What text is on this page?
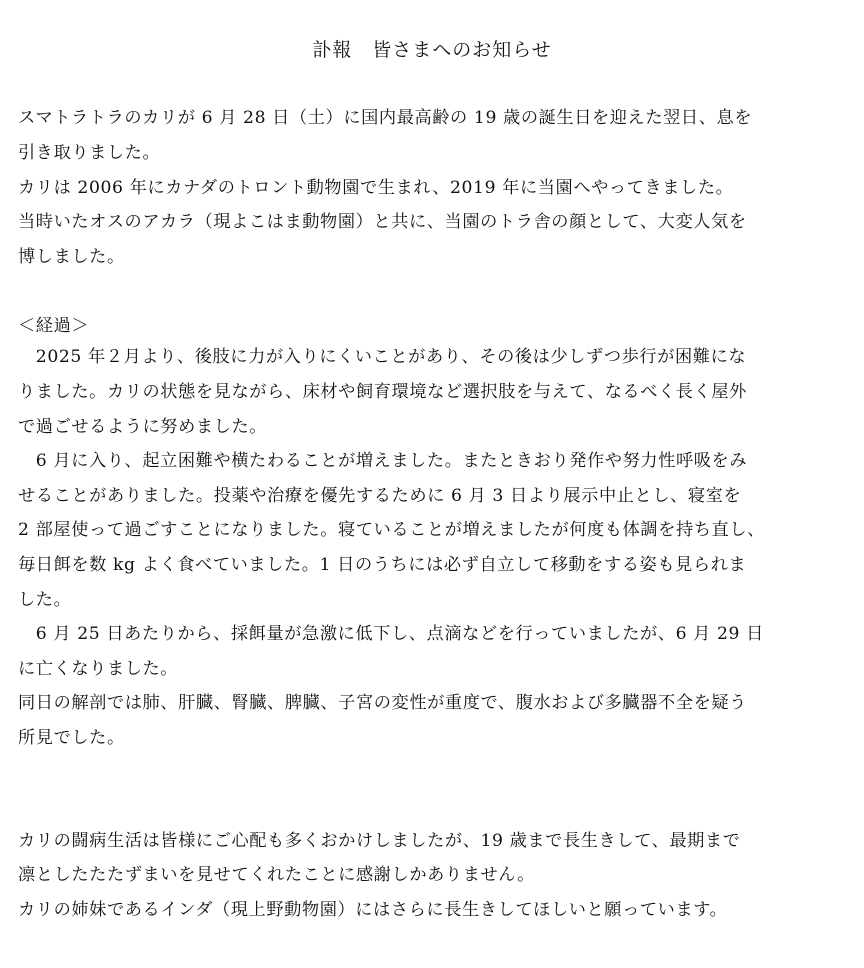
訃報　皆さまへのお知らせ
スマトラトラのカリが 6 月 28 日（土）に国内最高齢の 19 歳の誕生日を迎えた翌日、息を
引き取りました。
カリは 2006 年にカナダのトロント動物園で生まれ、2019 年に当園へやってきました。
当時いたオスのアカラ（現よこはま動物園）と共に、当園のトラ舎の顔として、大変人気を
博しました。
＜経過＞
　2025 年２月より、後肢に力が入りにくいことがあり、その後は少しずつ歩行が困難にな
りました。カリの状態を見ながら、床材や飼育環境など選択肢を与えて、なるべく長く屋外
で過ごせるように努めました。
　6 月に入り、起立困難や横たわることが増えました。またときおり発作や努力性呼吸をみ
せることがありました。投薬や治療を優先するために 6 月 3 日より展示中止とし、寝室を
2 部屋使って過ごすことになりました。寝ていることが増えましたが何度も体調を持ち直し、
毎日餌を数 kg よく食べていました。1 日のうちには必ず自立して移動をする姿も見られま
した。
　6 月 25 日あたりから、採餌量が急激に低下し、点滴などを行っていましたが、6 月 29 日
に亡くなりました。
同日の解剖では肺、肝臓、腎臓、脾臓、子宮の変性が重度で、腹水および多臓器不全を疑う
所見でした。
カリの闘病生活は皆様にご心配も多くおかけしましたが、19 歳まで長生きして、最期まで
凛としたたたずまいを見せてくれたことに感謝しかありません。
カリの姉妹であるインダ（現上野動物園）にはさらに長生きしてほしいと願っています。
